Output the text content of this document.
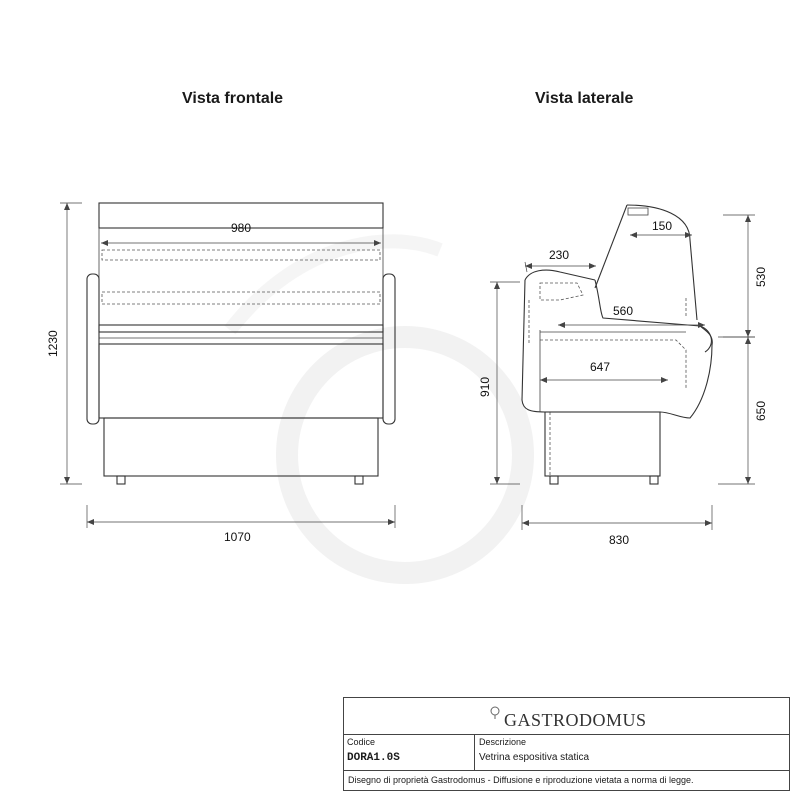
Vista frontale	Vista laterale
980
1070
1230
150
230
560
647
830
530
650
910
GASTRODOMUS
Codice
DORA1.0S
Descrizione
Vetrina espositiva statica
Disegno di proprietà Gastrodomus - Diffusione e riproduzione vietata a norma di legge.
